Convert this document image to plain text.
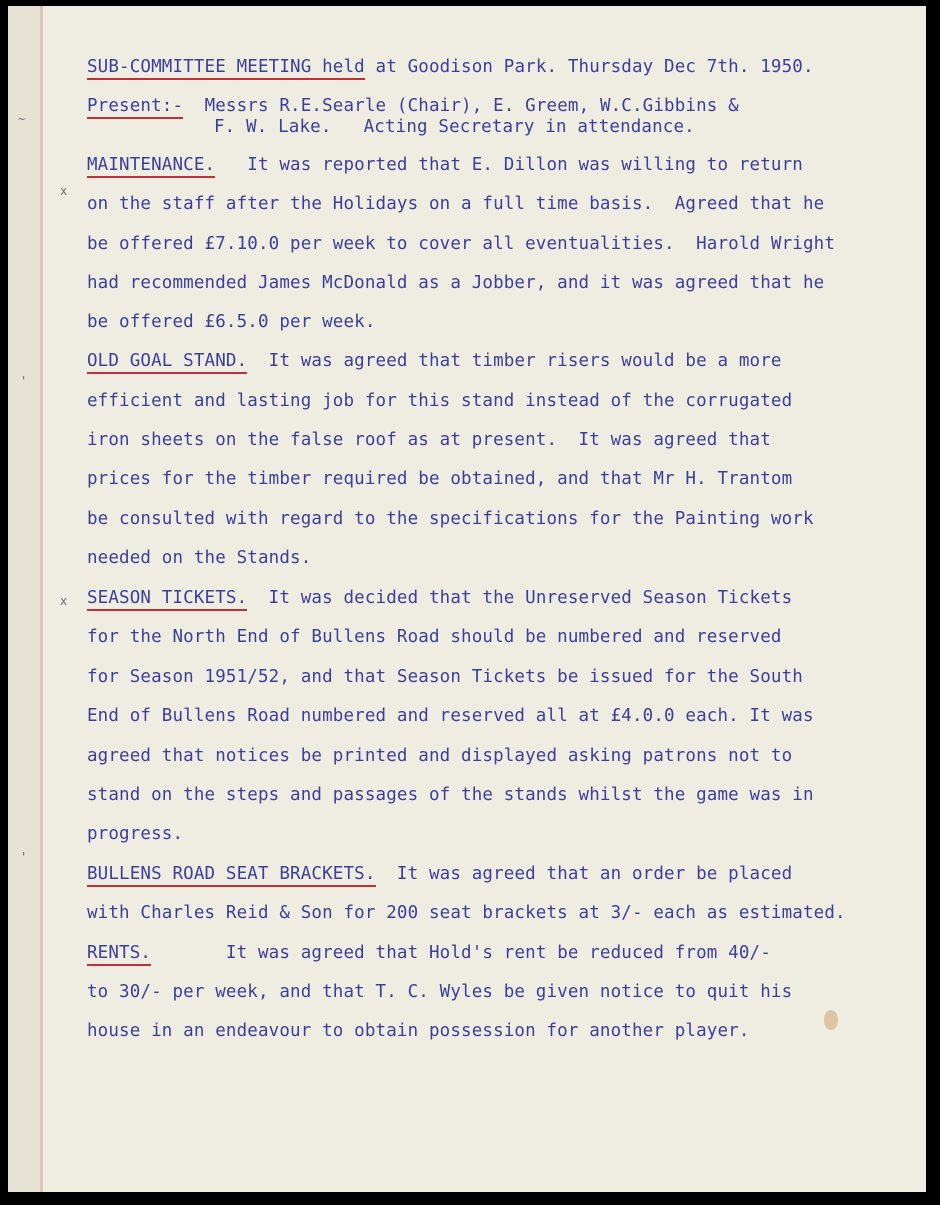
~
x
x
'
'
SUB-COMMITTEE MEETING held at Goodison Park. Thursday Dec 7th. 1950.
Present:- Messrs R.E.Searle (Chair), E. Greem, W.C.Gibbins &
F. W. Lake.   Acting Secretary in attendance.
MAINTENANCE.   It was reported that E. Dillon was willing to return
on the staff after the Holidays on a full time basis.  Agreed that he
be offered £7.10.0 per week to cover all eventualities.  Harold Wright
had recommended James McDonald as a Jobber, and it was agreed that he
be offered £6.5.0 per week.
OLD GOAL STAND.  It was agreed that timber risers would be a more
efficient and lasting job for this stand instead of the corrugated
iron sheets on the false roof as at present.  It was agreed that
prices for the timber required be obtained, and that Mr H. Trantom
be consulted with regard to the specifications for the Painting work
needed on the Stands.
SEASON TICKETS.  It was decided that the Unreserved Season Tickets
for the North End of Bullens Road should be numbered and reserved
for Season 1951/52, and that Season Tickets be issued for the South
End of Bullens Road numbered and reserved all at £4.0.0 each. It was
agreed that notices be printed and displayed asking patrons not to
stand on the steps and passages of the stands whilst the game was in
progress.
BULLENS ROAD SEAT BRACKETS.  It was agreed that an order be placed
with Charles Reid & Son for 200 seat brackets at 3/- each as estimated.
RENTS.       It was agreed that Hold's rent be reduced from 40/-
to 30/- per week, and that T. C. Wyles be given notice to quit his
house in an endeavour to obtain possession for another player.
